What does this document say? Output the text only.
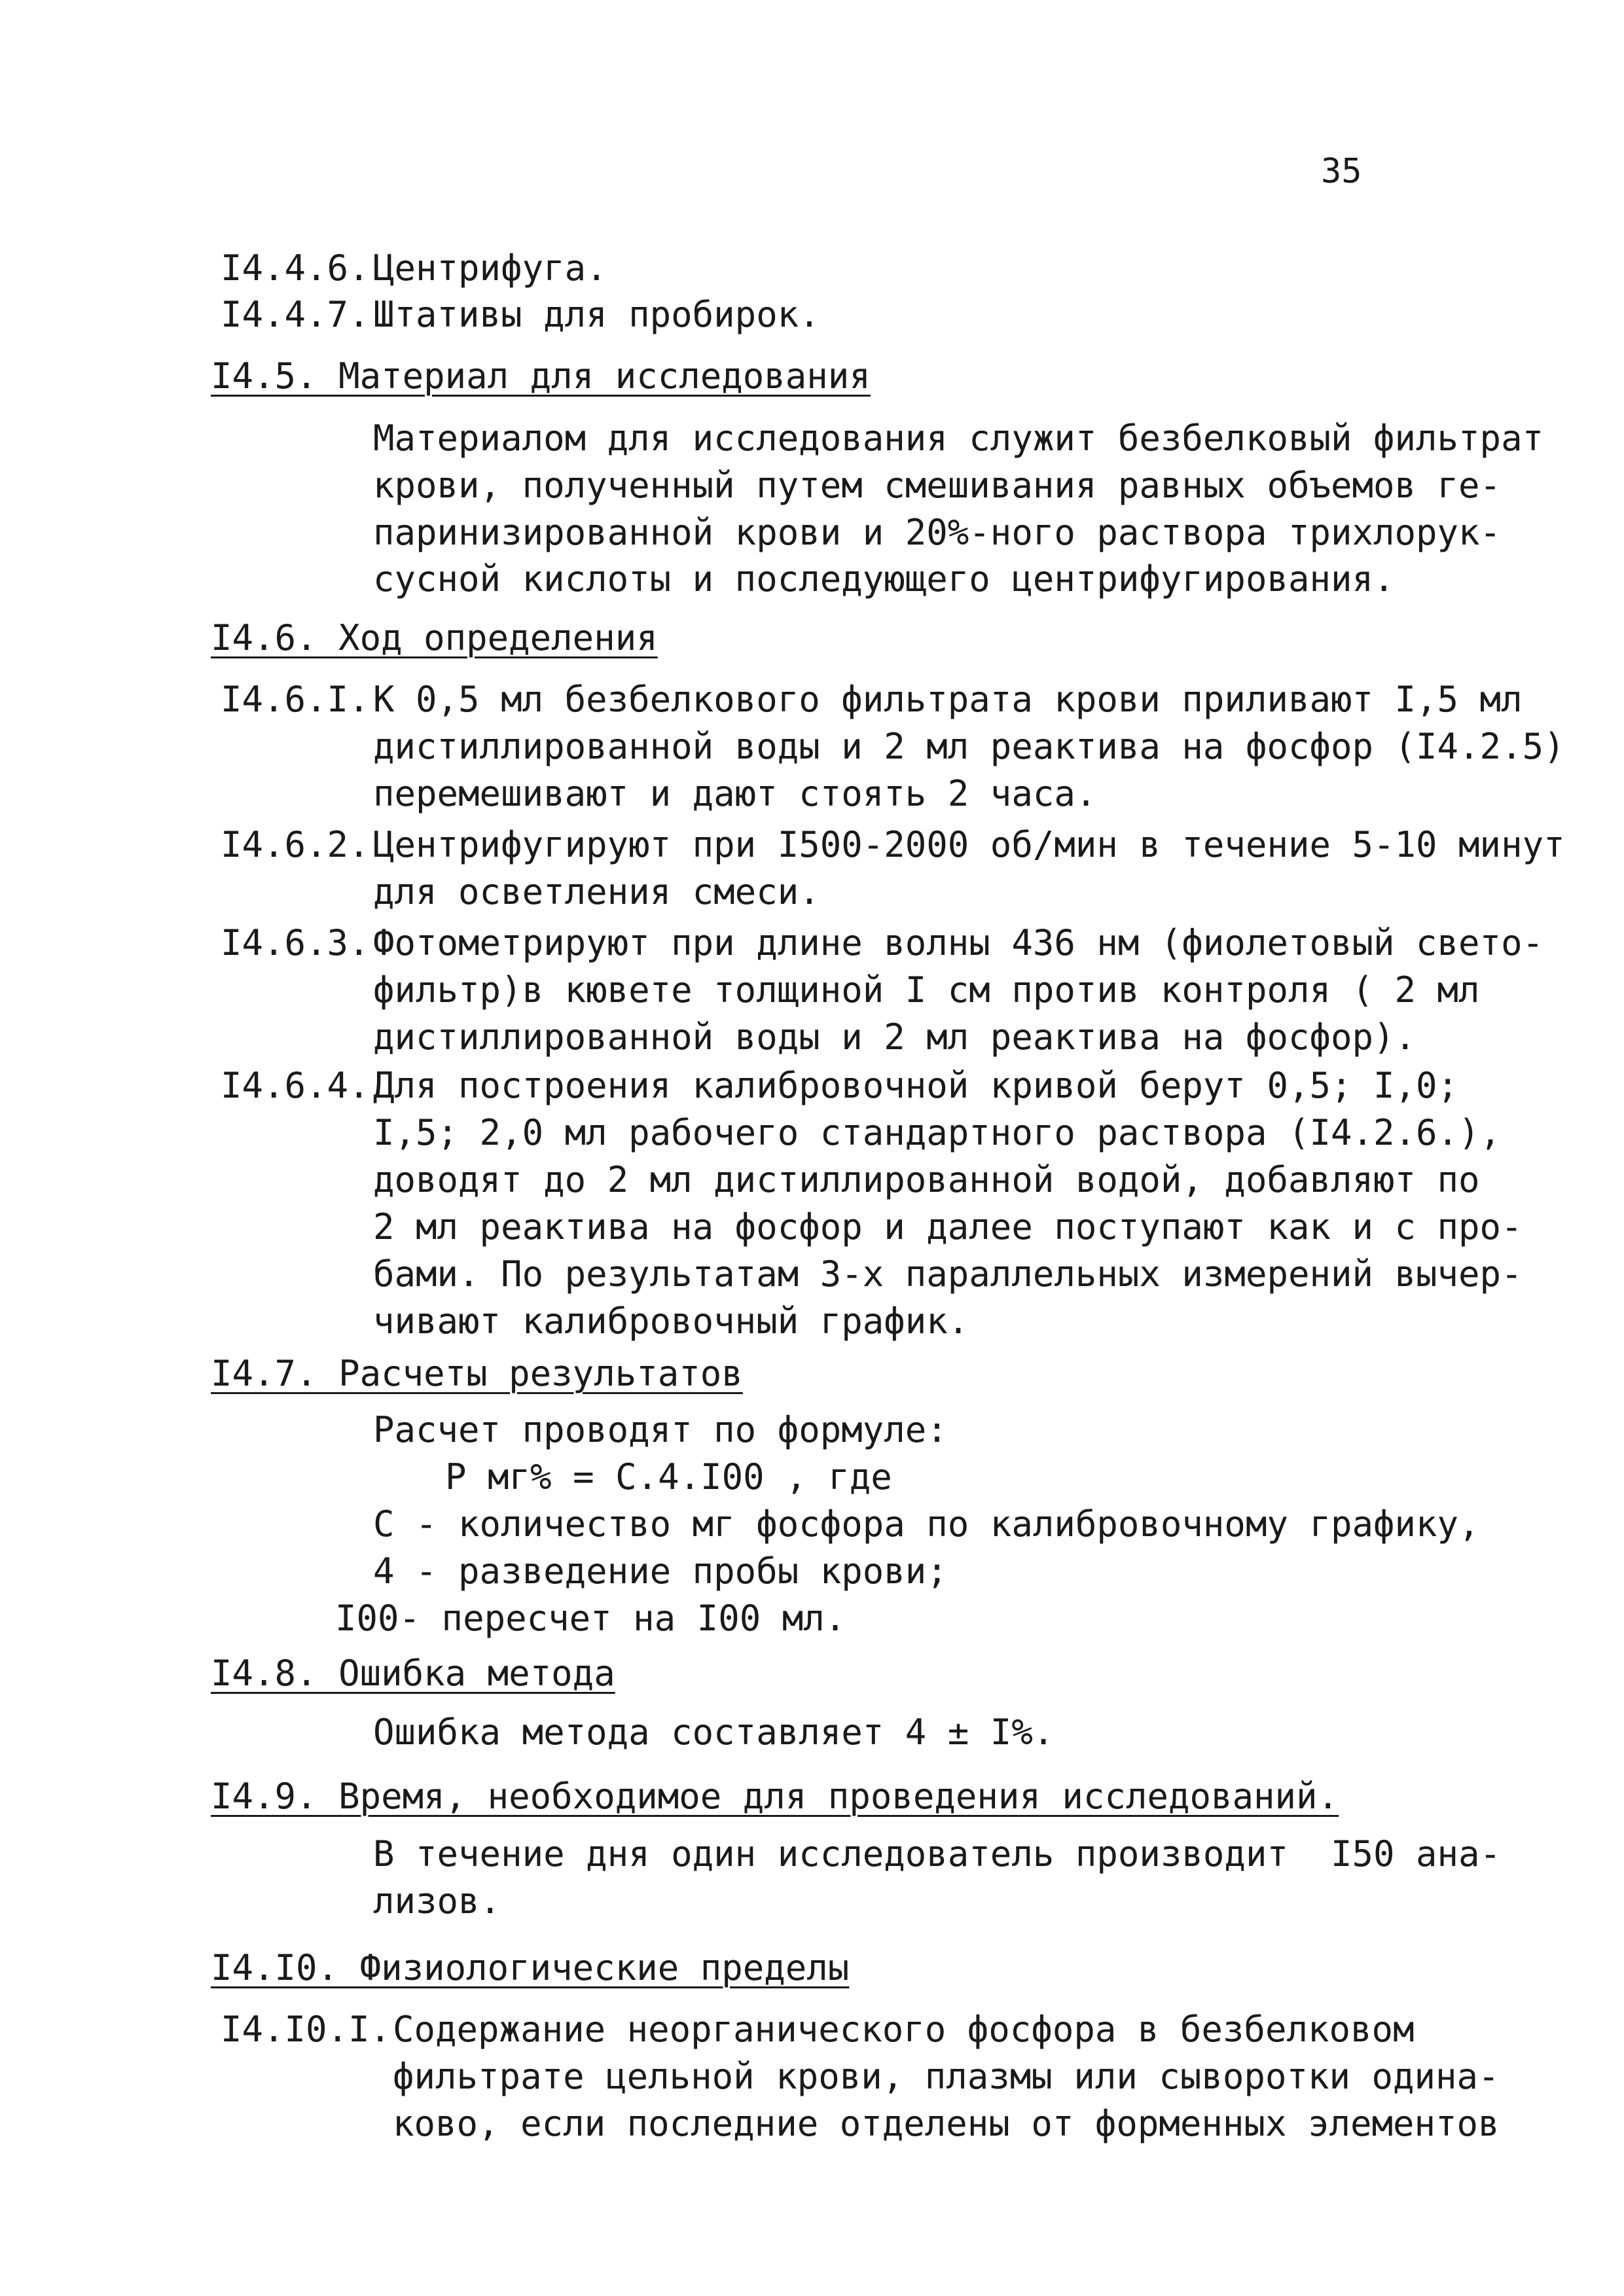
35
I4.4.6. Центрифуга.
I4.4.7. Штативы для пробирок.
I4.5. Материал для исследования
Материалом для исследования служит безбелковый фильтрат
крови, полученный путем смешивания равных объемов ге-
паринизированной крови и 20%-ного раствора трихлорук-
сусной кислоты и последующего центрифугирования.
I4.6. Ход определения
I4.6.I. К 0,5 мл безбелкового фильтрата крови приливают I,5 мл
дистиллированной воды и 2 мл реактива на фосфор (I4.2.5)
перемешивают и дают стоять 2 часа.
I4.6.2. Центрифугируют при I500-2000 об/мин в течение 5-10 минут
для осветления смеси.
I4.6.3. Фотометрируют при длине волны 436 нм (фиолетовый свето-
фильтр)в кювете толщиной I см против контроля ( 2 мл
дистиллированной воды и 2 мл реактива на фосфор).
I4.6.4. Для построения калибровочной кривой берут 0,5; I,0;
I,5; 2,0 мл рабочего стандартного раствора (I4.2.6.),
доводят до 2 мл дистиллированной водой, добавляют по
2 мл реактива на фосфор и далее поступают как и с про-
бами. По результатам 3-х параллельных измерений вычер-
чивают калибровочный график.
I4.7. Расчеты результатов
Расчет проводят по формуле:
Р мг% = С.4.I00 , где
С - количество мг фосфора по калибровочному графику,
4 - разведение пробы крови;
I00- пересчет на I00 мл.
I4.8. Ошибка метода
Ошибка метода составляет 4 ± I%.
I4.9. Время, необходимое для проведения исследований.
В течение дня один исследователь производит  I50 ана-
лизов.
I4.I0. Физиологические пределы
I4.I0.I. Содержание неорганического фосфора в безбелковом
фильтрате цельной крови, плазмы или сыворотки одина-
ково, если последние отделены от форменных элементов
